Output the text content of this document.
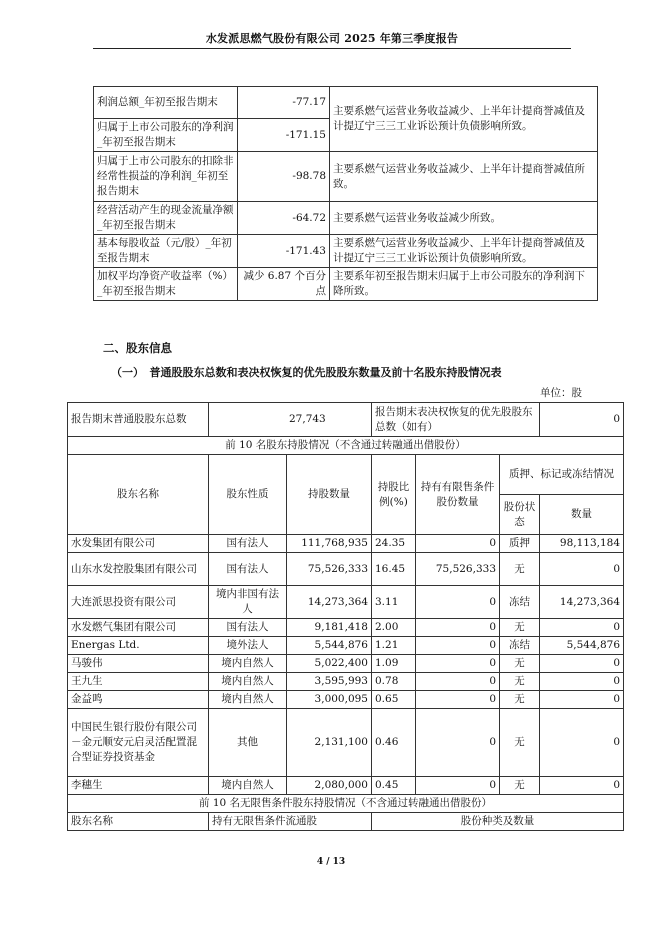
水发派思燃气股份有限公司 2025 年第三季度报告
利润总额_年初至报告期末	-77.17	主要系燃气运营业务收益减少、上半年计提商誉减值及计提辽宁三三工业诉讼预计负债影响所致。
归属于上市公司股东的净利润_年初至报告期末	-171.15	
归属于上市公司股东的扣除非经常性损益的净利润_年初至报告期末	-98.78	主要系燃气运营业务收益减少、上半年计提商誉减值所致。
经营活动产生的现金流量净额_年初至报告期末	-64.72	主要系燃气运营业务收益减少所致。
基本每股收益（元/股）_年初至报告期末	-171.43	主要系燃气运营业务收益减少、上半年计提商誉减值及计提辽宁三三工业诉讼预计负债影响所致。
加权平均净资产收益率（%）_年初至报告期末	减少 6.87 个百分点	主要系年初至报告期末归属于上市公司股东的净利润下降所致。
二、股东信息
（一）　普通股股东总数和表决权恢复的优先股股东数量及前十名股东持股情况表
单位：股
报告期末普通股股东总数	27,743		报告期末表决权恢复的优先股股东总数（如有）			0
前 10 名股东持股情况（不含通过转融通出借股份）						
股东名称	股东性质	持股数量	持股比例(%)	持有有限售条件股份数量	质押、标记或冻结情况	
					股份状态	数量
水发集团有限公司	国有法人	111,768,935	24.35	0	质押	98,113,184
山东水发控股集团有限公司	国有法人	75,526,333	16.45	75,526,333	无	0
大连派思投资有限公司	境内非国有法人	14,273,364	3.11	0	冻结	14,273,364
水发燃气集团有限公司	国有法人	9,181,418	2.00	0	无	0
Energas Ltd.	境外法人	5,544,876	1.21	0	冻结	5,544,876
马骏伟	境内自然人	5,022,400	1.09	0	无	0
王九生	境内自然人	3,595,993	0.78	0	无	0
金益鸣	境内自然人	3,000,095	0.65	0	无	0
中国民生银行股份有限公司－金元顺安元启灵活配置混合型证券投资基金	其他	2,131,100	0.46	0	无	0
李穗生	境内自然人	2,080,000	0.45	0	无	0
前 10 名无限售条件股东持股情况（不含通过转融通出借股份）						
股东名称	持有无限售条件流通股		股份种类及数量			
4 / 13
